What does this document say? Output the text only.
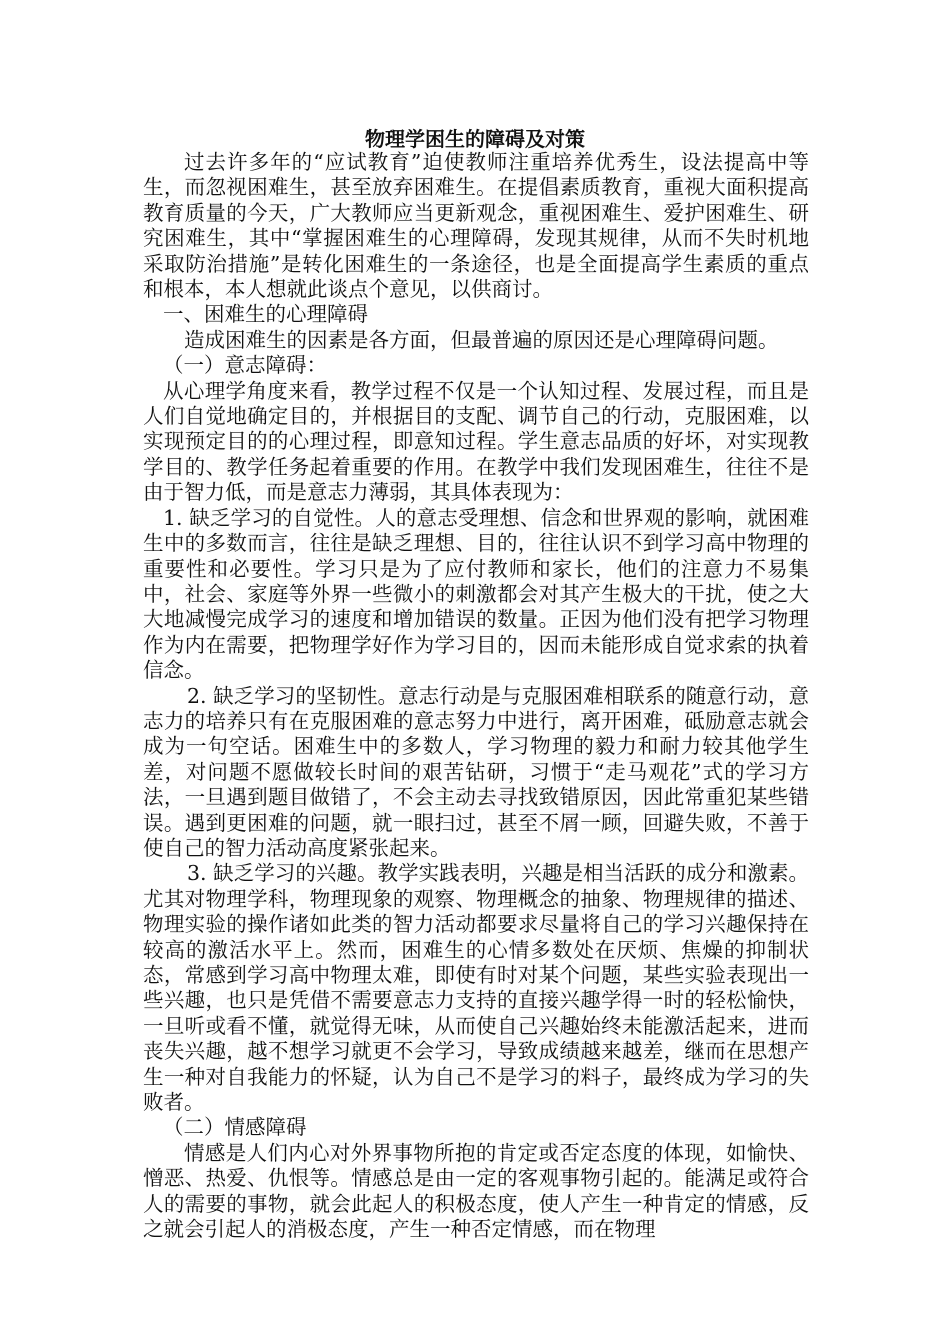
物理学困生的障碍及对策

过去许多年的“应试教育”迫使教师注重培养优秀生，设法提高中等生，而忽视困难生，甚至放弃困难生。在提倡素质教育，重视大面积提高教育质量的今天，广大教师应当更新观念，重视困难生、爱护困难生、研究困难生，其中“掌握困难生的心理障碍，发现其规律，从而不失时机地采取防治措施”是转化困难生的一条途径，也是全面提高学生素质的重点和根本，本人想就此谈点个意见，以供商讨。

一、困难生的心理障碍

造成困难生的因素是各方面，但最普遍的原因还是心理障碍问题。

（一）意志障碍：

从心理学角度来看，教学过程不仅是一个认知过程、发展过程，而且是人们自觉地确定目的，并根据目的支配、调节自己的行动，克服困难，以实现预定目的的心理过程，即意知过程。学生意志品质的好坏，对实现教学目的、教学任务起着重要的作用。在教学中我们发现困难生，往往不是由于智力低，而是意志力薄弱，其具体表现为：

1. 缺乏学习的自觉性。人的意志受理想、信念和世界观的影响，就困难生中的多数而言，往往是缺乏理想、目的，往往认识不到学习高中物理的重要性和必要性。学习只是为了应付教师和家长，他们的注意力不易集中，社会、家庭等外界一些微小的刺激都会对其产生极大的干扰，使之大大地减慢完成学习的速度和增加错误的数量。正因为他们没有把学习物理作为内在需要，把物理学好作为学习目的，因而未能形成自觉求索的执着信念。

2. 缺乏学习的坚韧性。意志行动是与克服困难相联系的随意行动，意志力的培养只有在克服困难的意志努力中进行，离开困难，砥励意志就会成为一句空话。困难生中的多数人，学习物理的毅力和耐力较其他学生差，对问题不愿做较长时间的艰苦钻研，习惯于“走马观花”式的学习方法，一旦遇到题目做错了，不会主动去寻找致错原因，因此常重犯某些错误。遇到更困难的问题，就一眼扫过，甚至不屑一顾，回避失败，不善于使自己的智力活动高度紧张起来。

3. 缺乏学习的兴趣。教学实践表明，兴趣是相当活跃的成分和激素。尤其对物理学科，物理现象的观察、物理概念的抽象、物理规律的描述、物理实验的操作诸如此类的智力活动都要求尽量将自己的学习兴趣保持在较高的激活水平上。然而，困难生的心情多数处在厌烦、焦燥的抑制状态，常感到学习高中物理太难，即使有时对某个问题，某些实验表现出一些兴趣，也只是凭借不需要意志力支持的直接兴趣学得一时的轻松愉快，一旦听或看不懂，就觉得无味，从而使自己兴趣始终未能激活起来，进而丧失兴趣，越不想学习就更不会学习，导致成绩越来越差，继而在思想产生一种对自我能力的怀疑，认为自己不是学习的料子，最终成为学习的失败者。

（二）情感障碍

情感是人们内心对外界事物所抱的肯定或否定态度的体现，如愉快、憎恶、热爱、仇恨等。情感总是由一定的客观事物引起的。能满足或符合人的需要的事物，就会此起人的积极态度，使人产生一种肯定的情感，反之就会引起人的消极态度，产生一种否定情感，而在物理
